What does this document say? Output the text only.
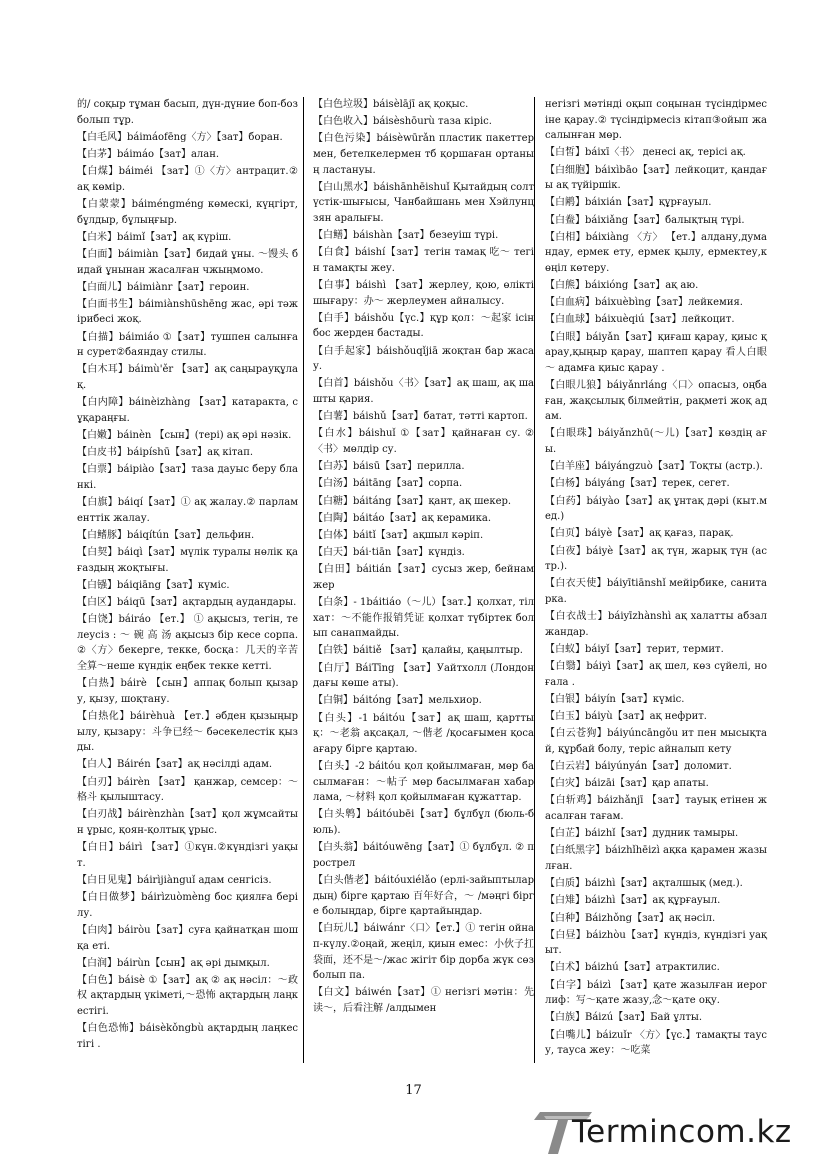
的/ соқыр тұман басып, дүн-дүние боп-боз болып тұр.
【白毛风】báimáofēng〈方〉【зат】боран.
【白茅】báimáo【зат】алан.
【白煤】báiméi 【зат】①〈方〉антрацит.②ақ көмір.
【白蒙蒙】báiméngméng көмескі, күңгірт, бұлдыр, бұлыңғыр.
【白米】báimǐ【зат】ақ күріш.
【白面】báimiàn【зат】бидай ұны. ～馒头 бидай ұнынан жасалған чжыңмомо.
【白面儿】báimiànr【зат】героин.
【白面书生】báimiànshūshēng жас, әрі тәжірибесі жоқ.
【白描】báimiáo ①【зат】тушпен салынған сурет②баяндау стилы.
【白木耳】báimù'ěr 【зат】ақ саңырауқұлақ.
【白内障】báinèizhàng 【зат】катаракта, сұқараңғы.
【白嫩】báinèn 【сын】(тері) ақ әрі нәзік.
【白皮书】báipíshū【зат】ақ кітап.
【白票】báipiào【зат】таза дауыс беру бланкі.
【白旗】báiqí【зат】① ақ жалау.② парламенттік жалау.
【白鳍豚】báiqítún【зат】дельфин.
【白契】báiqì【зат】мүлік туралы нөлік қағаздың жоқтығы.
【白镪】báiqiāng【зат】күміс.
【白区】báiqū【зат】ақтардың аудандары.
【白饶】báiráo 【ет.】 ① ақысыз, тегін, телеусіз : ～ 碗 高 汤 ақысыз бір кесе сорпа.②〈方〉бекерге, текке, босқа：几天的辛苦全算～неше күндік еңбек текке кетті.
【白热】báirè 【сын】аппақ болып қызару, қызу, шоқтану.
【白热化】báirèhuà 【ет.】әбден қызыңырылу, қызару：斗争已经～ бәсекелестік қызды.
【白人】Báirén【зат】ақ нәсілді адам.
【白刃】báirèn 【зат】 қанжар, семсер：～格斗 қылыштасу.
【白刃战】báirènzhàn【зат】қол жұмсайтын ұрыс, қоян-қолтық ұрыс.
【白日】báirì 【зат】①күн.②күндізгі уақыт.
【白日见鬼】báirìjiànguǐ адам сенгісіз.
【白日做梦】báirìzuòmèng бос қиялға берілу.
【白肉】báiròu【зат】суға қайнатқан шошқа еті.
【白润】báirùn【сын】ақ әрі дымқыл.
【白色】báisè ①【зат】ақ ② ақ нәсіл：～政权 ақтардың үкіметі,～恐怖 ақтардың лаңкестігі.
【白色恐怖】báisèkǒngbù ақтардың лаңкестігі .
【白色垃圾】báisèlājī ақ қоқыс.
【白色收入】báisèshōurù таза кіріс.
【白色污染】báisèwūrǎn пластик пакеттермен, бетелкелермен тб қоршаған ортаның ластануы.
【白山黑水】báishānhēishuǐ Қытайдың солтүстік-шығысы, Чанбайшань мен Хэйлунцзян аралығы.
【白鳝】báishàn【зат】безеуіш түрі.
【白食】báishí【зат】тегін тамақ 吃～ тегін тамақты жеу.
【白事】báishì 【зат】жерлеу, қою, өлікті шығару：办～ жерлеумен айналысу.
【白手】báishǒu【үс.】құр қол：～起家 ісін бос жерден бастады.
【白手起家】báishǒuqǐjiā жоқтан бар жасау.
【白首】báishǒu〈书〉【зат】ақ шаш, ақ шашты қария.
【白薯】báishǔ【зат】батат, тәтті картоп.
【白水】báishuǐ ①【зат】қайнаған су. ②〈书〉мөлдір су.
【白苏】báisū【зат】перилла.
【白汤】báitāng【зат】сорпа.
【白糖】báitáng【зат】қант, ақ шекер.
【白陶】báitáo【зат】ақ керамика.
【白体】báitǐ【зат】ақшыл кәріп.
【白天】bái·tiān【зат】күндіз.
【白田】báitián【зат】сусыз жер, бейнам жер
【白条】- 1báitiáo（～儿）【зат.】қолхат, тілхат：～不能作报销凭证 қолхат түбіртек болып санапмайды.
【白铁】báitiě 【зат】қалайы, қаңылтыр.
【白厅】BáiTīng 【зат】Уайтхолл (Лондондағы көше аты).
【白铜】báitóng【зат】мельхиор.
【白头】-1 báitóu【зат】ақ шаш, қарттық：～老翁 ақсақал, ～偕老 /қосағымен қоса ағару бірге қартаю.
【白头】-2 báitóu қол қойылмаған, мөр басылмаған：～帖子 мөр басылмаған хабарлама, ～材料 қол қойылмаған құжаттар.
【白头鹎】báitóubēi【зат】бұлбұл (бюль-бюль).
【白头翁】báitóuwēng【зат】① бұлбұл. ② прострел
【白头偕老】báitóuxiélǎo (ерлі-зайыптылардың) бірге қартаю 百年好合，～ /мәңгі бірге болыңдар, бірге қартайыңдар.
【白玩儿】báiwánr〈口〉【ет.】① тегін ойнап-күлу.②оңай, жеңіл, қиын емес：小伙子扛袋面，还不是～/жас жігіт бір дорба жүк сөз болып па.
【白文】báiwén【зат】① негізгі мәтін：先读～，后看注解 /алдымен
негізгі мәтінді оқып соңынан түсіндірмесіне қарау.② түсіндірмесіз кітап③ойып жасалынған мөр.
【白皙】báixī〈书〉 денесі ақ, терісі ақ.
【白细胞】báixìbāo【зат】лейкоцит, қандағы ақ түйіршік.
【白鹇】báixián【зат】құрғауыл.
【白鲞】báixiǎng【зат】балықтың түрі.
【白相】báixiàng 〈方〉 【ет.】алдану,думандау, ермек ету, ермек қылу, ермектеу,көңіл көтеру.
【白熊】báixióng【зат】ақ аю.
【白血病】báixuèbìng【зат】лейкемия.
【白血球】báixuèqiú【зат】лейкоцит.
【白眼】báiyǎn【зат】қиғаш қарау, қиыс қарау,қыңыр қарау, шаптеп қарау 看人白眼～ адамға қиыс қарау .
【白眼儿狼】báiyǎnrláng〈口〉опасыз, оңбаған, жақсылық білмейтін, рақметі жоқ адам.
【白眼珠】báiyǎnzhū(～儿)【зат】көздің ағы.
【白羊座】báiyángzuò【зат】Тоқты (астр.).
【白杨】báiyáng【зат】терек, сегет.
【白药】báiyào【зат】ақ ұнтақ дәрі (кыт.мед.)
【白页】báiyè【зат】ақ қағаз, парақ.
【白夜】báiyè【зат】ақ түн, жарық түн (астр.).
【白衣天使】báiyītiānshǐ мейірбике, санитарка.
【白衣战士】báiyīzhànshì ақ халатты абзал жандар.
【白蚁】báiyǐ【зат】терит, термит.
【白翳】báiyì【зат】ақ шел, көз сүйелі, ноғала .
【白银】báiyín【зат】күміс.
【白玉】báiyù【зат】ақ нефрит.
【白云苍狗】báiyúncāngǒu ит пен мысықтай, құрбай болу, теріс айналып кету
【白云岩】báiyúnyán【зат】доломит.
【白灾】báizāi【зат】қар апаты.
【白斩鸡】báizhǎnjī 【зат】тауық етінен жасалған тағам.
【白芷】báizhǐ【зат】дудник тамыры.
【白纸黑字】báizhǐhēizì ақка қарамен жазылған.
【白质】báizhì【зат】ақталшық (мед.).
【白雉】báizhì【зат】ақ құрғауыл.
【白种】Báizhǒng【зат】ақ нәсіл.
【白昼】báizhòu【зат】күндіз, күндізгі уақыт.
【白术】báizhú【зат】атрактилис.
【白字】báizì 【зат】қате жазылған иероглиф：写～қате жазу,念～қате оқу.
【白族】Báizú【зат】Бай ұлты.
【白嘴儿】báizuǐr 〈方〉【үс.】тамақты таусу, тауса жеу：～吃菜
17
Termincom.kz
